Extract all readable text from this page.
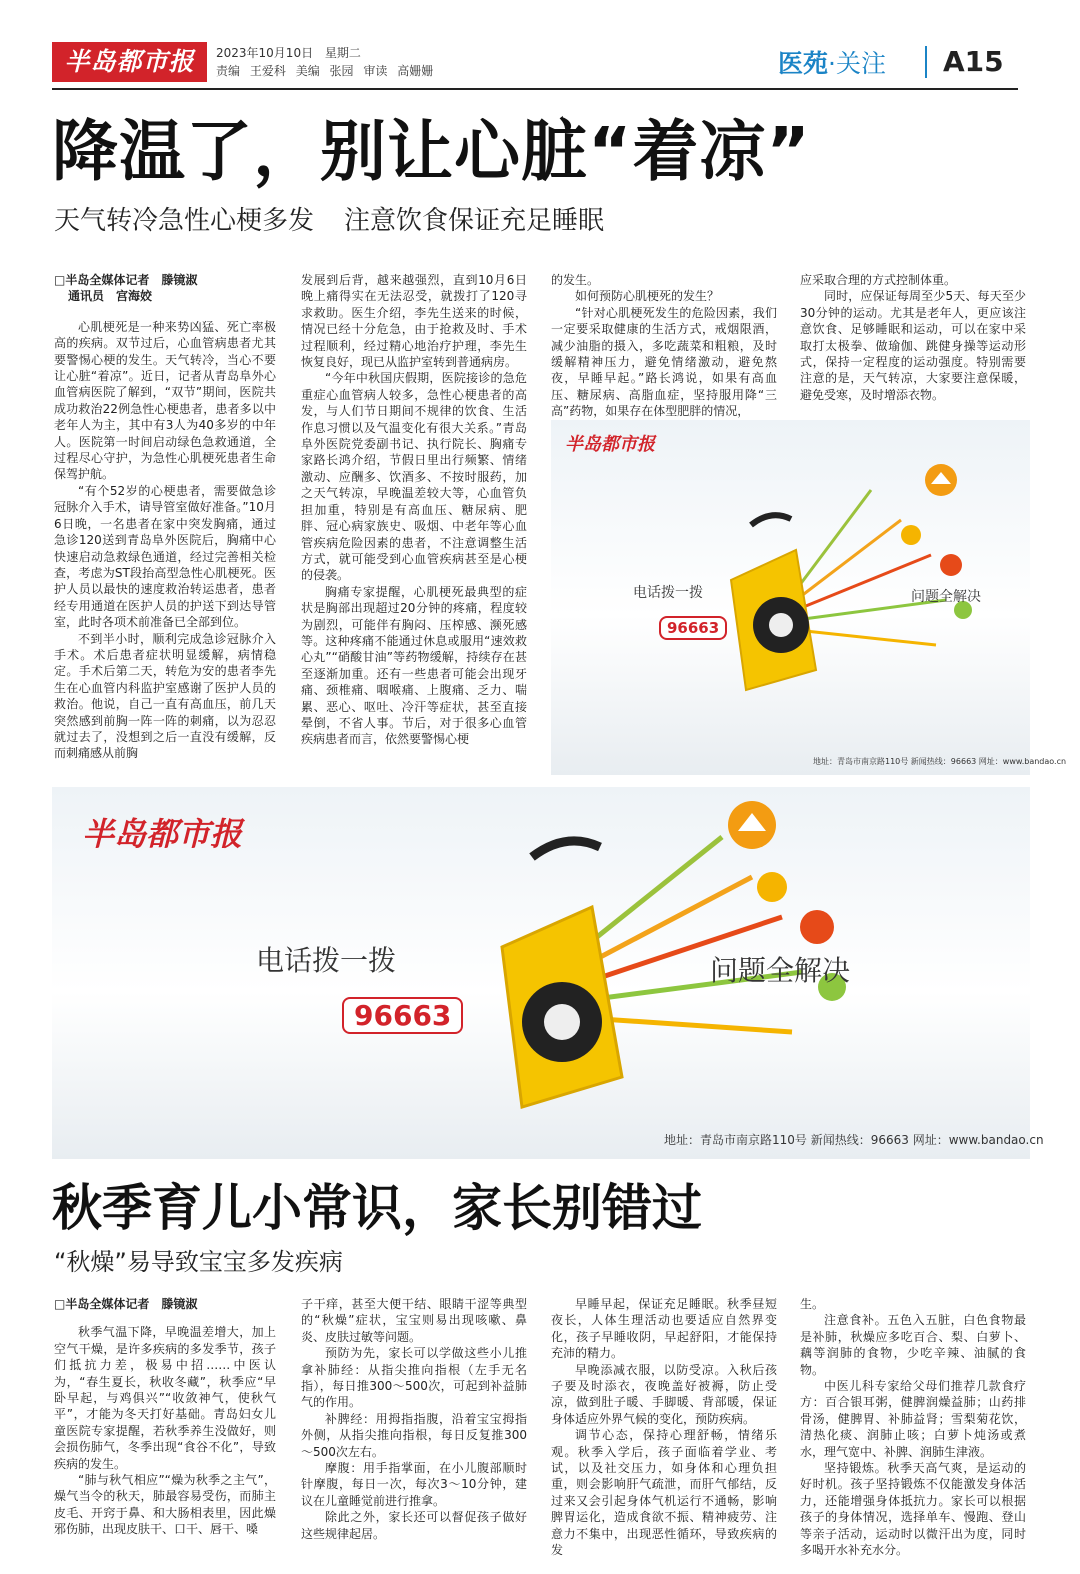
半岛都市报	2023年10月10日 星期二
责编 王爱科 美编 张园 审读 高姗姗	医苑·关注 A15
降温了，别让心脏“着凉”
天气转冷急性心梗多发 注意饮食保证充足睡眠

□半岛全媒体记者　滕镜淑

通讯员　宫海姣

心肌梗死是一种来势凶猛、死亡率极高的疾病。双节过后，心血管病患者尤其要警惕心梗的发生。天气转冷，当心不要让心脏“着凉”。近日，记者从青岛阜外心血管病医院了解到，“双节”期间，医院共成功救治22例急性心梗患者，患者多以中老年人为主，其中有3人为40多岁的中年人。医院第一时间启动绿色急救通道，全过程尽心守护，为急性心肌梗死患者生命保驾护航。

“有个52岁的心梗患者，需要做急诊冠脉介入手术，请导管室做好准备。”10月6日晚，一名患者在家中突发胸痛，通过急诊120送到青岛阜外医院后，胸痛中心快速启动急救绿色通道，经过完善相关检查，考虑为ST段抬高型急性心肌梗死。医护人员以最快的速度救治转运患者，患者经专用通道在医护人员的护送下到达导管室，此时各项术前准备已全部到位。

不到半小时，顺利完成急诊冠脉介入手术。术后患者症状明显缓解，病情稳定。手术后第二天，转危为安的患者李先生在心血管内科监护室感谢了医护人员的救治。他说，自己一直有高血压，前几天突然感到前胸一阵一阵的刺痛，以为忍忍就过去了，没想到之后一直没有缓解，反而刺痛感从前胸

发展到后背，越来越强烈，直到10月6日晚上痛得实在无法忍受，就拨打了120寻求救助。医生介绍，李先生送来的时候，情况已经十分危急，由于抢救及时、手术过程顺利，经过精心地治疗护理，李先生恢复良好，现已从监护室转到普通病房。

“今年中秋国庆假期，医院接诊的急危重症心血管病人较多，急性心梗患者的高发，与人们节日期间不规律的饮食、生活作息习惯以及气温变化有很大关系。”青岛阜外医院党委副书记、执行院长、胸痛专家路长鸿介绍，节假日里出行频繁、情绪激动、应酬多、饮酒多、不按时服药，加之天气转凉，早晚温差较大等，心血管负担加重，特别是有高血压、糖尿病、肥胖、冠心病家族史、吸烟、中老年等心血管疾病危险因素的患者，不注意调整生活方式，就可能受到心血管疾病甚至是心梗的侵袭。

胸痛专家提醒，心肌梗死最典型的症状是胸部出现超过20分钟的疼痛，程度较为剧烈，可能伴有胸闷、压榨感、濒死感等。这种疼痛不能通过休息或服用“速效救心丸”“硝酸甘油”等药物缓解，持续存在甚至逐渐加重。还有一些患者可能会出现牙痛、颈椎痛、咽喉痛、上腹痛、乏力、喘累、恶心、呕吐、冷汗等症状，甚至直接晕倒，不省人事。节后，对于很多心血管疾病患者而言，依然要警惕心梗

的发生。

如何预防心肌梗死的发生？

“针对心肌梗死发生的危险因素，我们一定要采取健康的生活方式，戒烟限酒，减少油脂的摄入，多吃蔬菜和粗粮，及时缓解精神压力，避免情绪激动，避免熬夜，早睡早起。”路长鸿说，如果有高血压、糖尿病、高脂血症，坚持服用降“三高”药物，如果存在体型肥胖的情况，

应采取合理的方式控制体重。

同时，应保证每周至少5天、每天至少30分钟的运动。尤其是老年人，更应该注意饮食、足够睡眠和运动，可以在家中采取打太极拳、做瑜伽、跳健身操等运动形式，保持一定程度的运动强度。特别需要注意的是，天气转凉，大家要注意保暖，避免受寒，及时增添衣物。

半岛都市报
电话拨一拨	问题全解决
96663
地址：青岛市南京路110号 新闻热线：96663 网址：www.bandao.cn
半岛都市报
电话拨一拨	问题全解决
96663
地址：青岛市南京路110号 新闻热线：96663 网址：www.bandao.cn
秋季育儿小常识，家长别错过
“秋燥”易导致宝宝多发疾病

□半岛全媒体记者　滕镜淑

秋季气温下降，早晚温差增大，加上空气干燥，是许多疾病的多发季节，孩子们抵抗力差，极易中招……中医认为，“春生夏长，秋收冬藏”，秋季应“早卧早起，与鸡俱兴”“收敛神气，使秋气平”，才能为冬天打好基础。青岛妇女儿童医院专家提醒，若秋季养生没做好，则会损伤肺气，冬季出现“食谷不化”，导致疾病的发生。

“肺与秋气相应”“燥为秋季之主气”，燥气当令的秋天，肺最容易受伤，而肺主皮毛、开窍于鼻、和大肠相表里，因此燥邪伤肺，出现皮肤干、口干、唇干、嗓

子干痒，甚至大便干结、眼睛干涩等典型的“秋燥”症状，宝宝则易出现咳嗽、鼻炎、皮肤过敏等问题。

预防为先，家长可以学做这些小儿推拿补肺经：从指尖推向指根（左手无名指），每日推300～500次，可起到补益肺气的作用。

补脾经：用拇指指腹，沿着宝宝拇指外侧，从指尖推向指根，每日反复推300～500次左右。

摩腹：用手指掌面，在小儿腹部顺时针摩腹，每日一次，每次3～10分钟，建议在儿童睡觉前进行推拿。

除此之外，家长还可以督促孩子做好这些规律起居。

早睡早起，保证充足睡眠。秋季昼短夜长，人体生理活动也要适应自然界变化，孩子早睡收阴，早起舒阳，才能保持充沛的精力。

早晚添减衣服，以防受凉。入秋后孩子要及时添衣，夜晚盖好被褥，防止受凉，做到肚子暖、手脚暖、背部暖，保证身体适应外界气候的变化，预防疾病。

调节心态，保持心理舒畅，情绪乐观。秋季入学后，孩子面临着学业、考试，以及社交压力，如身体和心理负担重，则会影响肝气疏泄，而肝气郁结，反过来又会引起身体气机运行不通畅，影响脾胃运化，造成食欲不振、精神疲劳、注意力不集中，出现恶性循环，导致疾病的发

生。

注意食补。五色入五脏，白色食物最是补肺，秋燥应多吃百合、梨、白萝卜、藕等润肺的食物，少吃辛辣、油腻的食物。

中医儿科专家给父母们推荐几款食疗方：百合银耳粥，健脾润燥益肺；山药排骨汤，健脾胃、补肺益肾；雪梨菊花饮，清热化痰、润肺止咳；白萝卜炖汤或煮水，理气宽中、补脾、润肺生津液。

坚持锻炼。秋季天高气爽，是运动的好时机。孩子坚持锻炼不仅能激发身体活力，还能增强身体抵抗力。家长可以根据孩子的身体情况，选择单车、慢跑、登山等亲子活动，运动时以微汗出为度，同时多喝开水补充水分。
